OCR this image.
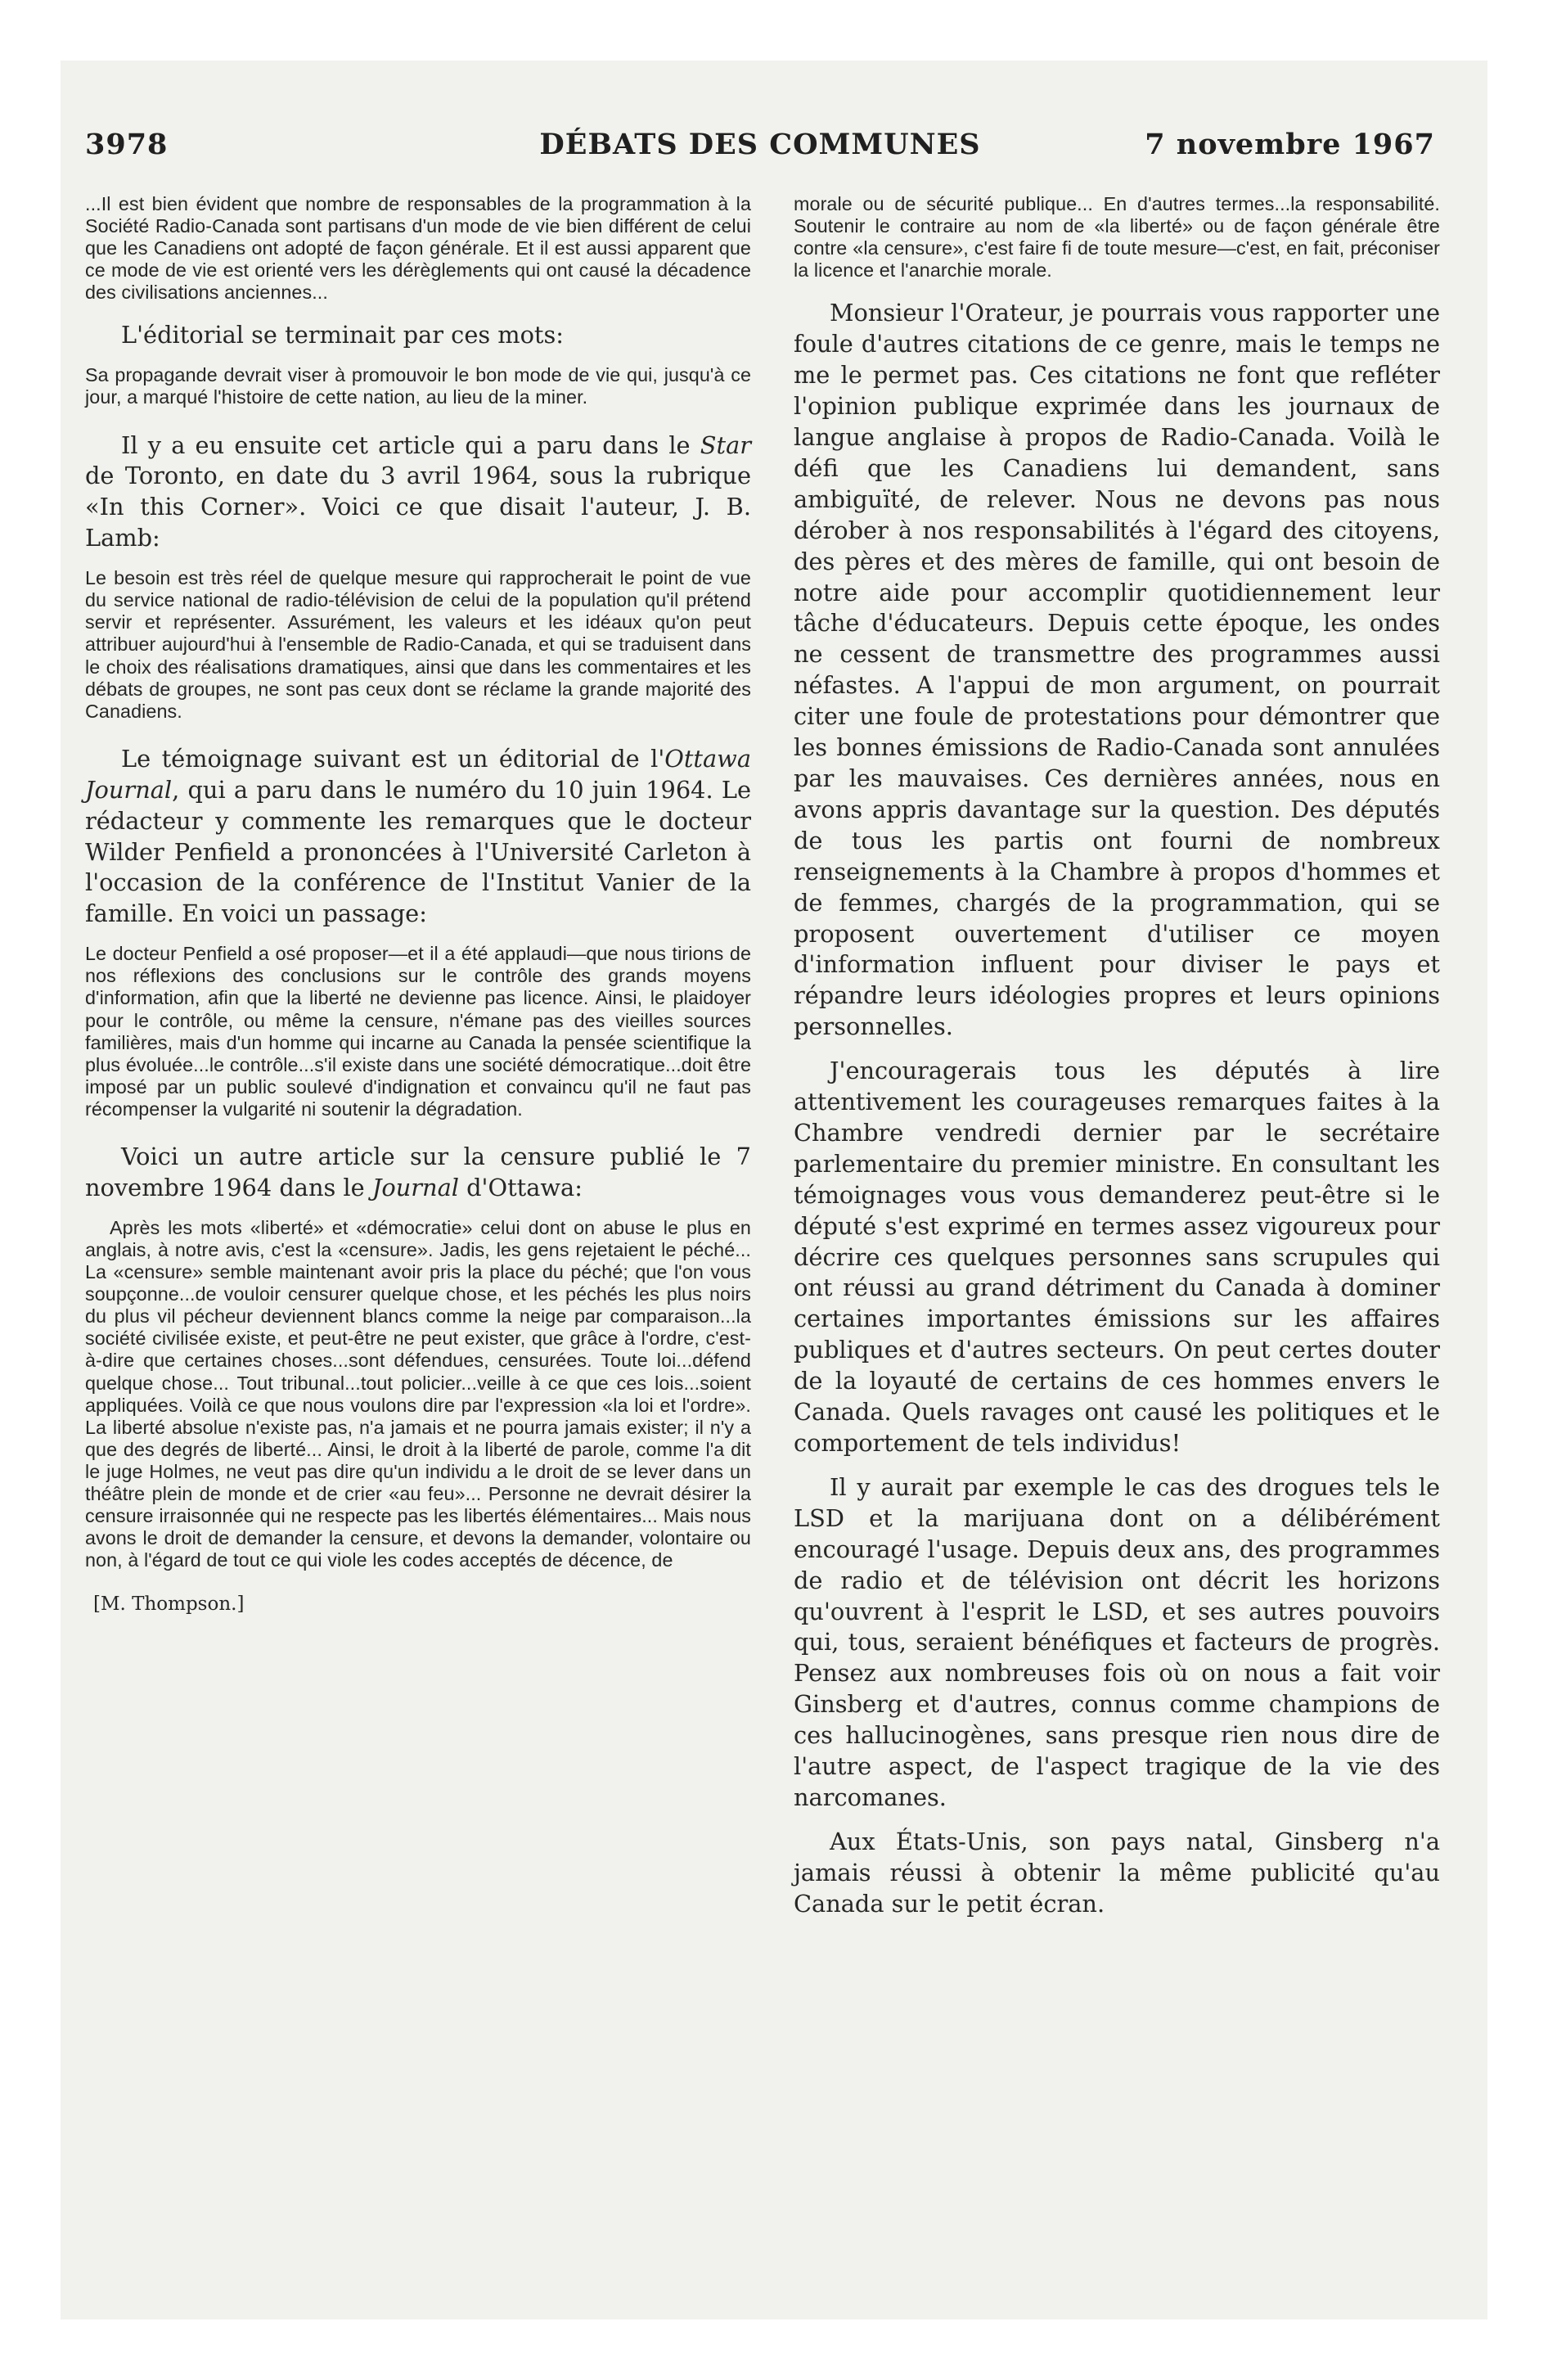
3978	DÉBATS DES COMMUNES	7 novembre 1967

...Il est bien évident que nombre de responsables de la programmation à la Société Radio-Canada sont partisans d'un mode de vie bien différent de celui que les Canadiens ont adopté de façon générale. Et il est aussi apparent que ce mode de vie est orienté vers les dérèglements qui ont causé la décadence des civilisations anciennes...

L'éditorial se terminait par ces mots:

Sa propagande devrait viser à promouvoir le bon mode de vie qui, jusqu'à ce jour, a marqué l'histoire de cette nation, au lieu de la miner.

Il y a eu ensuite cet article qui a paru dans le Star de Toronto, en date du 3 avril 1964, sous la rubrique «In this Corner». Voici ce que disait l'auteur, J. B. Lamb:

Le besoin est très réel de quelque mesure qui rapprocherait le point de vue du service national de radio-télévision de celui de la population qu'il prétend servir et représenter. Assurément, les valeurs et les idéaux qu'on peut attribuer aujourd'hui à l'ensemble de Radio-Canada, et qui se traduisent dans le choix des réalisations dramatiques, ainsi que dans les commentaires et les débats de groupes, ne sont pas ceux dont se réclame la grande majorité des Canadiens.

Le témoignage suivant est un éditorial de l'Ottawa Journal, qui a paru dans le numéro du 10 juin 1964. Le rédacteur y commente les remarques que le docteur Wilder Penfield a prononcées à l'Université Carleton à l'occasion de la conférence de l'Institut Vanier de la famille. En voici un passage:

Le docteur Penfield a osé proposer—et il a été applaudi—que nous tirions de nos réflexions des conclusions sur le contrôle des grands moyens d'information, afin que la liberté ne devienne pas licence. Ainsi, le plaidoyer pour le contrôle, ou même la censure, n'émane pas des vieilles sources familières, mais d'un homme qui incarne au Canada la pensée scientifique la plus évoluée...le contrôle...s'il existe dans une société démocratique...doit être imposé par un public soulevé d'indignation et convaincu qu'il ne faut pas récompenser la vulgarité ni soutenir la dégradation.

Voici un autre article sur la censure publié le 7 novembre 1964 dans le Journal d'Ottawa:

Après les mots «liberté» et «démocratie» celui dont on abuse le plus en anglais, à notre avis, c'est la «censure». Jadis, les gens rejetaient le péché... La «censure» semble maintenant avoir pris la place du péché; que l'on vous soupçonne...de vouloir censurer quelque chose, et les péchés les plus noirs du plus vil pécheur deviennent blancs comme la neige par comparaison...la société civilisée existe, et peut-être ne peut exister, que grâce à l'ordre, c'est-à-dire que certaines choses...sont défendues, censurées. Toute loi...défend quelque chose... Tout tribunal...tout policier...veille à ce que ces lois...soient appliquées. Voilà ce que nous voulons dire par l'expression «la loi et l'ordre». La liberté absolue n'existe pas, n'a jamais et ne pourra jamais exister; il n'y a que des degrés de liberté... Ainsi, le droit à la liberté de parole, comme l'a dit le juge Holmes, ne veut pas dire qu'un individu a le droit de se lever dans un théâtre plein de monde et de crier «au feu»... Personne ne devrait désirer la censure irraisonnée qui ne respecte pas les libertés élémentaires... Mais nous avons le droit de demander la censure, et devons la demander, volontaire ou non, à l'égard de tout ce qui viole les codes acceptés de décence, de

[M. Thompson.]

morale ou de sécurité publique... En d'autres termes...la responsabilité. Soutenir le contraire au nom de «la liberté» ou de façon générale être contre «la censure», c'est faire fi de toute mesure—c'est, en fait, préconiser la licence et l'anarchie morale.

Monsieur l'Orateur, je pourrais vous rapporter une foule d'autres citations de ce genre, mais le temps ne me le permet pas. Ces citations ne font que refléter l'opinion publique exprimée dans les journaux de langue anglaise à propos de Radio-Canada. Voilà le défi que les Canadiens lui demandent, sans ambiguïté, de relever. Nous ne devons pas nous dérober à nos responsabilités à l'égard des citoyens, des pères et des mères de famille, qui ont besoin de notre aide pour accomplir quotidiennement leur tâche d'éducateurs. Depuis cette époque, les ondes ne cessent de transmettre des programmes aussi néfastes. A l'appui de mon argument, on pourrait citer une foule de protestations pour démontrer que les bonnes émissions de Radio-Canada sont annulées par les mauvaises. Ces dernières années, nous en avons appris davantage sur la question. Des députés de tous les partis ont fourni de nombreux renseignements à la Chambre à propos d'hommes et de femmes, chargés de la programmation, qui se proposent ouvertement d'utiliser ce moyen d'information influent pour diviser le pays et répandre leurs idéologies propres et leurs opinions personnelles.

J'encouragerais tous les députés à lire attentivement les courageuses remarques faites à la Chambre vendredi dernier par le secrétaire parlementaire du premier ministre. En consultant les témoignages vous vous demanderez peut-être si le député s'est exprimé en termes assez vigoureux pour décrire ces quelques personnes sans scrupules qui ont réussi au grand détriment du Canada à dominer certaines importantes émissions sur les affaires publiques et d'autres secteurs. On peut certes douter de la loyauté de certains de ces hommes envers le Canada. Quels ravages ont causé les politiques et le comportement de tels individus!

Il y aurait par exemple le cas des drogues tels le LSD et la marijuana dont on a délibérément encouragé l'usage. Depuis deux ans, des programmes de radio et de télévision ont décrit les horizons qu'ouvrent à l'esprit le LSD, et ses autres pouvoirs qui, tous, seraient bénéfiques et facteurs de progrès. Pensez aux nombreuses fois où on nous a fait voir Ginsberg et d'autres, connus comme champions de ces hallucinogènes, sans presque rien nous dire de l'autre aspect, de l'aspect tragique de la vie des narcomanes.

Aux États-Unis, son pays natal, Ginsberg n'a jamais réussi à obtenir la même publicité qu'au Canada sur le petit écran.
